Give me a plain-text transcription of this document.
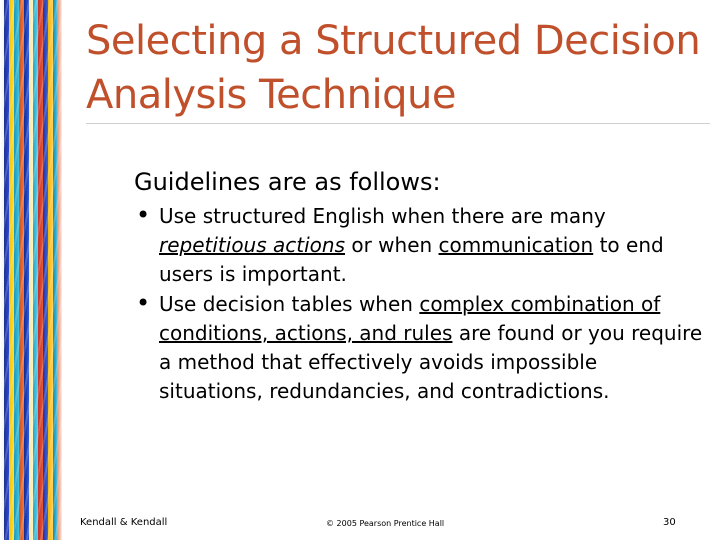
Selecting a Structured Decision
Analysis Technique
Guidelines are as follows:
• Use structured English when there are many repetitious actions or when communication to end users is important.
• Use decision tables when complex combination of conditions, actions, and rules are found or you require a method that effectively avoids impossible situations, redundancies, and contradictions.
Kendall & Kendall	© 2005 Pearson Prentice Hall	30
